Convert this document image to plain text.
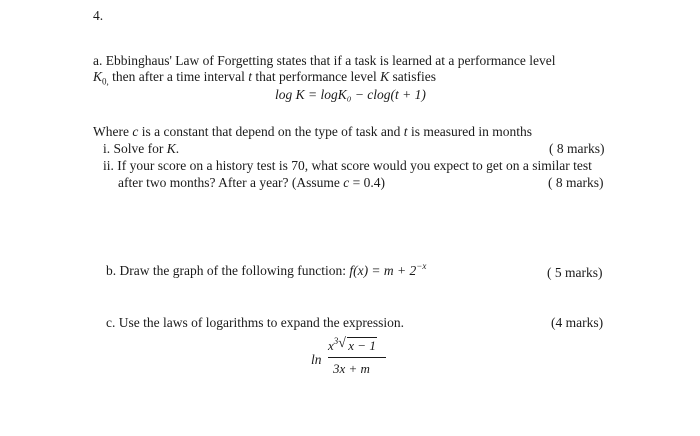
4.
a. Ebbinghaus' Law of Forgetting states that if a task is learned at a performance level
$K_{0,}$ then after a time interval t that performance level K satisfies
log K = logK₀ − clog(t + 1)
Where c is a constant that depend on the type of task and t is measured in months
i. Solve for K.	( 8 marks)
ii. If your score on a history test is 70, what score would you expect to get on a similar test
after two months? After a year? (Assume c = 0.4)	( 8 marks)
b. Draw the graph of the following function: $f(x) = m + 2^{-x}$	( 5 marks)
c. Use the laws of logarithms to expand the expression.	(4 marks)
ln
$x^3$ √ x − 1
3x + m
